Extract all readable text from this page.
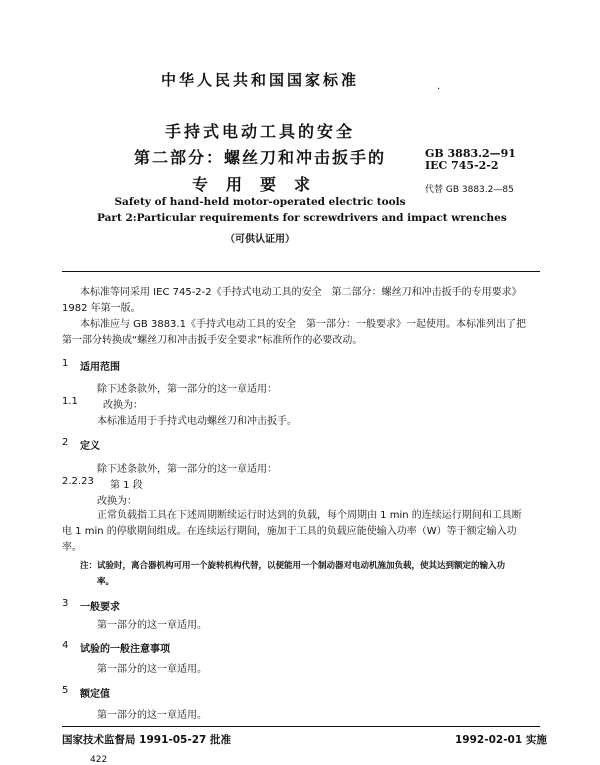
中华人民共和国国家标准	.
手持式电动工具的安全
第二部分：螺丝刀和冲击扳手的
专用要求
GB 3883.2—91
IEC 745-2-2
代替 GB 3883.2—85
Safety of hand-held motor-operated electric tools
Part 2:Particular requirements for screwdrivers and impact wrenches
（可供认证用）
本标准等同采用 IEC 745-2-2《手持式电动工具的安全　第二部分：螺丝刀和冲击扳手的专用要求》
1982 年第一版。
本标准应与 GB 3883.1《手持式电动工具的安全　第一部分：一般要求》一起使用。本标准列出了把
第一部分转换成“螺丝刀和冲击扳手安全要求”标准所作的必要改动。
1 适用范围
除下述条款外，第一部分的这一章适用：
1.1	改换为：
本标准适用于手持式电动螺丝刀和冲击扳手。
2 定义
除下述条款外，第一部分的这一章适用：
2.2.23 第 1 段
改换为：
正常负载指工具在下述周期断续运行时达到的负载，每个周期由 1 min 的连续运行期间和工具断
电 1 min 的停歇期间组成。在连续运行期间，施加于工具的负载应能使输入功率（W）等于额定输入功
率。
注：试验时，离合器机构可用一个旋转机构代替，以便能用一个制动器对电动机施加负载，使其达到额定的输入功
率。
3 一般要求
第一部分的这一章适用。
4 试验的一般注意事项
第一部分的这一章适用。
5 额定值
第一部分的这一章适用。
国家技术监督局 1991-05-27 批准	1992-02-01 实施
422
